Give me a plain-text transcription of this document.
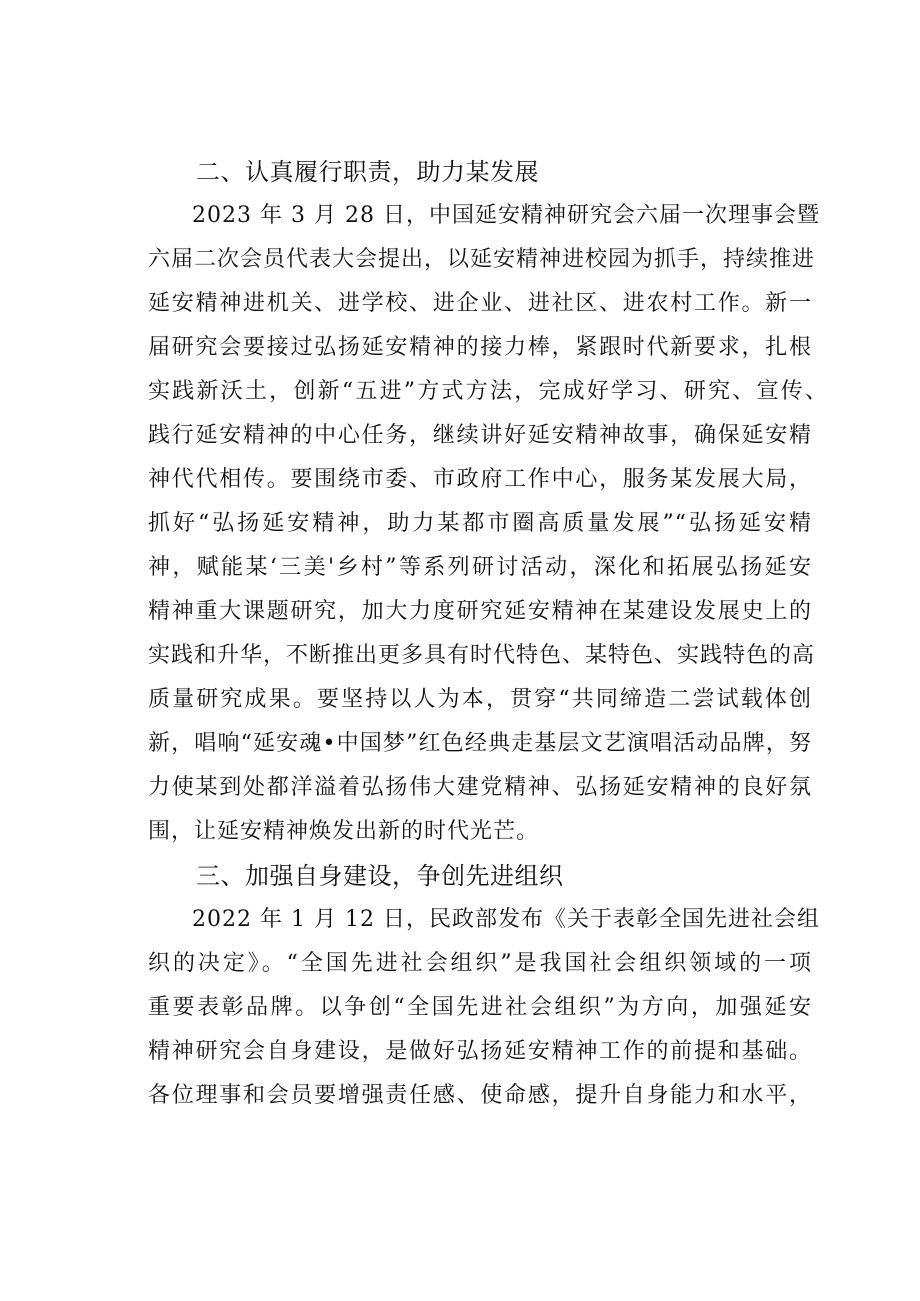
二、认真履行职责，助力某发展
2023 年 3 月 28 日，中国延安精神研究会六届一次理事会暨
六届二次会员代表大会提出，以延安精神进校园为抓手，持续推进
延安精神进机关、进学校、进企业、进社区、进农村工作。新一
届研究会要接过弘扬延安精神的接力棒，紧跟时代新要求，扎根
实践新沃土，创新“五进”方式方法，完成好学习、研究、宣传、
践行延安精神的中心任务，继续讲好延安精神故事，确保延安精
神代代相传。要围绕市委、市政府工作中心，服务某发展大局，
抓好“弘扬延安精神，助力某都市圈高质量发展”“弘扬延安精
神，赋能某‘三美'乡村”等系列研讨活动，深化和拓展弘扬延安
精神重大课题研究，加大力度研究延安精神在某建设发展史上的
实践和升华，不断推出更多具有时代特色、某特色、实践特色的高
质量研究成果。要坚持以人为本，贯穿“共同缔造二尝试载体创
新，唱响“延安魂•中国梦”红色经典走基层文艺演唱活动品牌，努
力使某到处都洋溢着弘扬伟大建党精神、弘扬延安精神的良好氛
围，让延安精神焕发出新的时代光芒。
三、加强自身建设，争创先进组织
2022 年 1 月 12 日，民政部发布《关于表彰全国先进社会组
织的决定》。“全国先进社会组织”是我国社会组织领域的一项
重要表彰品牌。以争创“全国先进社会组织”为方向，加强延安
精神研究会自身建设，是做好弘扬延安精神工作的前提和基础。
各位理事和会员要增强责任感、使命感，提升自身能力和水平，
